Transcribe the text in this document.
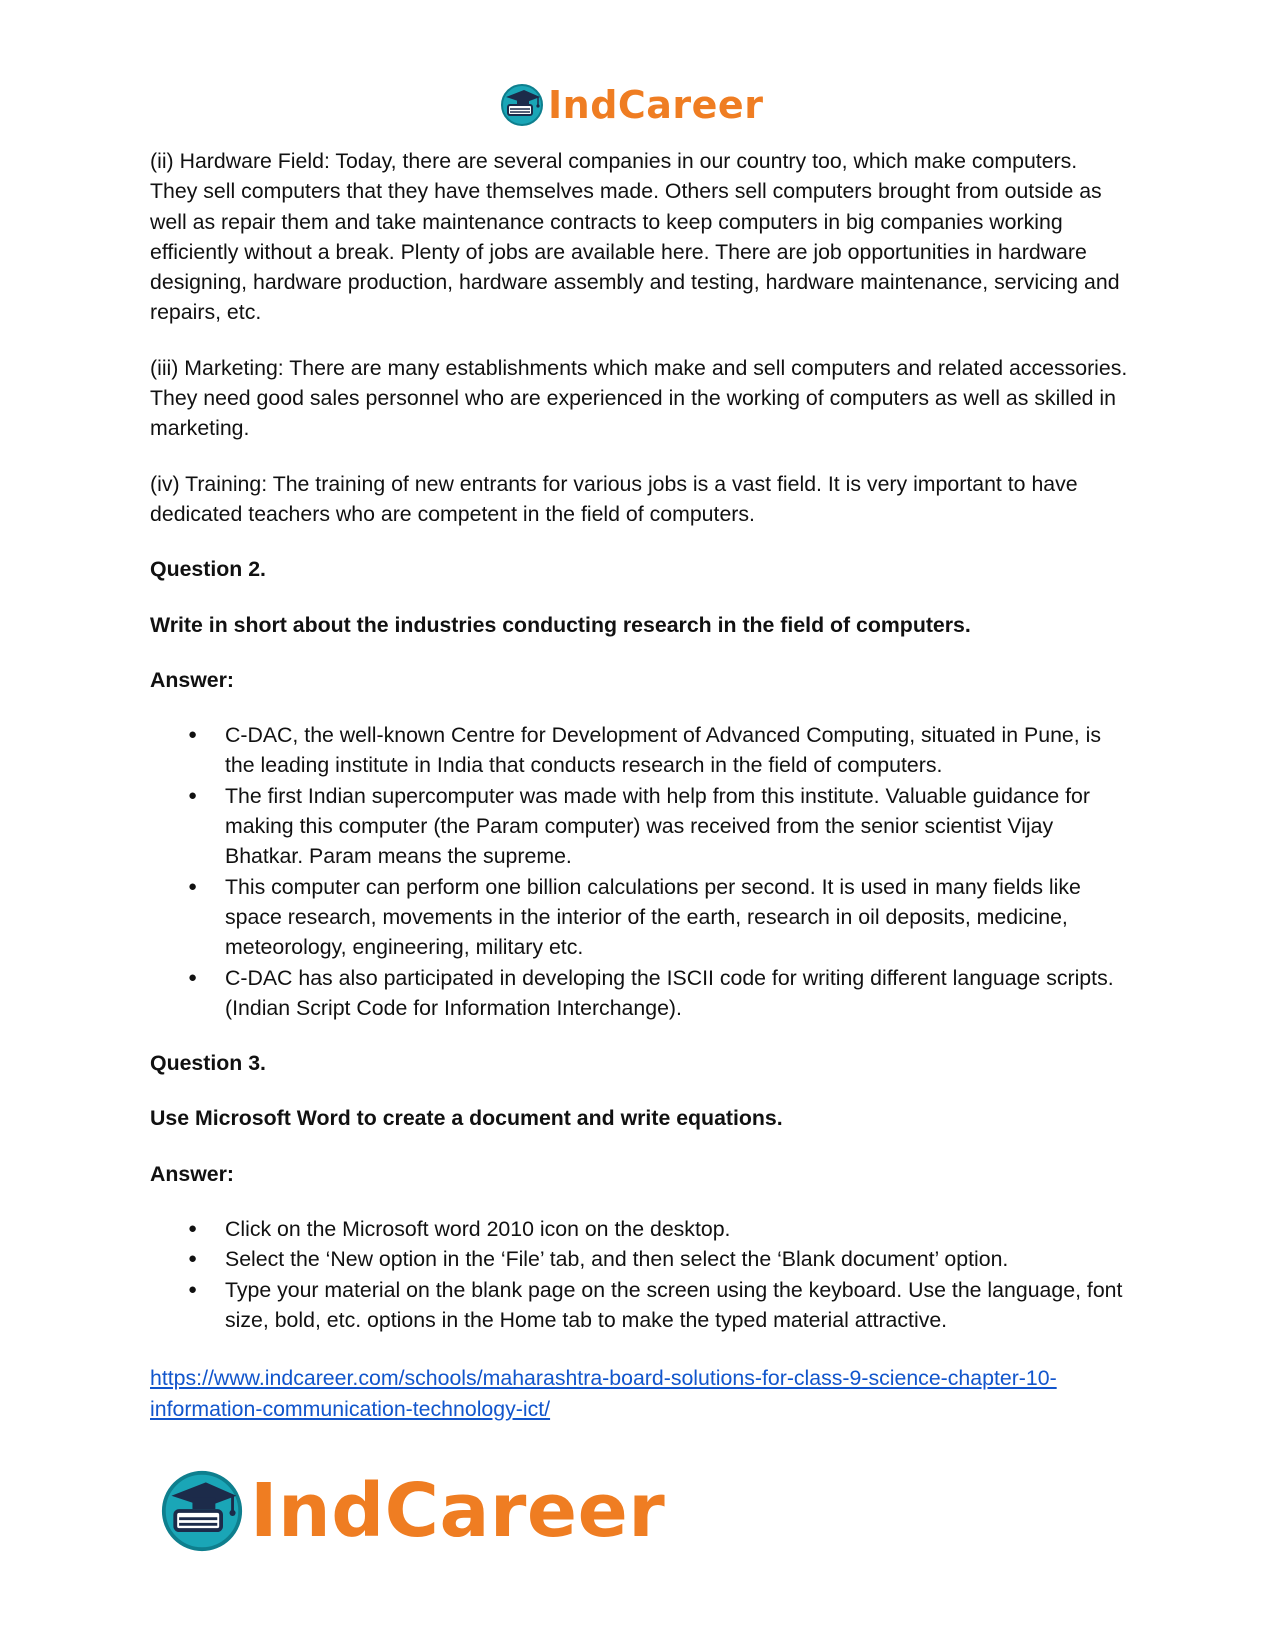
IndCareer

(ii) Hardware Field: Today, there are several companies in our country too, which make computers. They sell computers that they have themselves made. Others sell computers brought from outside as well as repair them and take maintenance contracts to keep computers in big companies working efficiently without a break. Plenty of jobs are available here. There are job opportunities in hardware designing, hardware production, hardware assembly and testing, hardware maintenance, servicing and repairs, etc.

(iii) Marketing: There are many establishments which make and sell computers and related accessories. They need good sales personnel who are experienced in the working of computers as well as skilled in marketing.

(iv) Training: The training of new entrants for various jobs is a vast field. It is very important to have dedicated teachers who are competent in the field of computers.

Question 2.

Write in short about the industries conducting research in the field of computers.

Answer:

● C-DAC, the well-known Centre for Development of Advanced Computing, situated in Pune, is the leading institute in India that conducts research in the field of computers.
● The first Indian supercomputer was made with help from this institute. Valuable guidance for making this computer (the Param computer) was received from the senior scientist Vijay Bhatkar. Param means the supreme.
● This computer can perform one billion calculations per second. It is used in many fields like space research, movements in the interior of the earth, research in oil deposits, medicine, meteorology, engineering, military etc.
● C-DAC has also participated in developing the ISCII code for writing different language scripts. (Indian Script Code for Information Interchange).

Question 3.

Use Microsoft Word to create a document and write equations.

Answer:

● Click on the Microsoft word 2010 icon on the desktop.
● Select the ‘New option in the ‘File’ tab, and then select the ‘Blank document’ option.
● Type your material on the blank page on the screen using the keyboard. Use the language, font size, bold, etc. options in the Home tab to make the typed material attractive.
https://www.indcareer.com/schools/maharashtra-board-solutions-for-class-9-science-chapter-10-information-communication-technology-ict/
IndCareer
